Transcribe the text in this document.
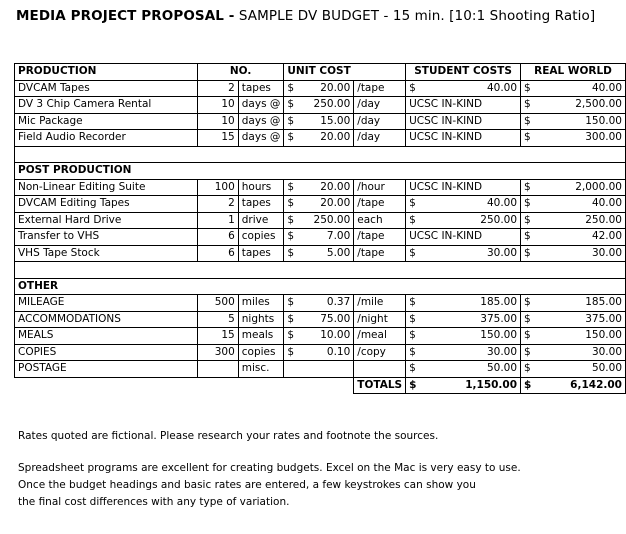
MEDIA PROJECT PROPOSAL - SAMPLE DV BUDGET - 15 min. [10:1 Shooting Ratio]
PRODUCTION	NO.		UNIT COST			STUDENT COSTS		REAL WORLD	
DVCAM Tapes	2	tapes	$	20.00	/tape	$	40.00	$	40.00
DV 3 Chip Camera Rental	10	days @	$	250.00	/day	UCSC IN-KIND		$	2,500.00
Mic Package	10	days @	$	15.00	/day	UCSC IN-KIND		$	150.00
Field Audio Recorder	15	days @	$	20.00	/day	UCSC IN-KIND		$	300.00

POST PRODUCTION									
Non-Linear Editing Suite	100	hours	$	20.00	/hour	UCSC IN-KIND		$	2,000.00
DVCAM Editing Tapes	2	tapes	$	20.00	/tape	$	40.00	$	40.00
External Hard Drive	1	drive	$	250.00	each	$	250.00	$	250.00
Transfer to VHS	6	copies	$	7.00	/tape	UCSC IN-KIND		$	42.00
VHS Tape Stock	6	tapes	$	5.00	/tape	$	30.00	$	30.00

OTHER									
MILEAGE	500	miles	$	0.37	/mile	$	185.00	$	185.00
ACCOMMODATIONS	5	nights	$	75.00	/night	$	375.00	$	375.00
MEALS	15	meals	$	10.00	/meal	$	150.00	$	150.00
COPIES	300	copies	$	0.10	/copy	$	30.00	$	30.00
POSTAGE		misc.				$	50.00	$	50.00
					TOTALS	$	1,150.00	$	6,142.00
Rates quoted are fictional. Please research your rates and footnote the sources.
Spreadsheet programs are excellent for creating budgets. Excel on the Mac is very easy to use.
Once the budget headings and basic rates are entered, a few keystrokes can show you
the final cost differences with any type of variation.
